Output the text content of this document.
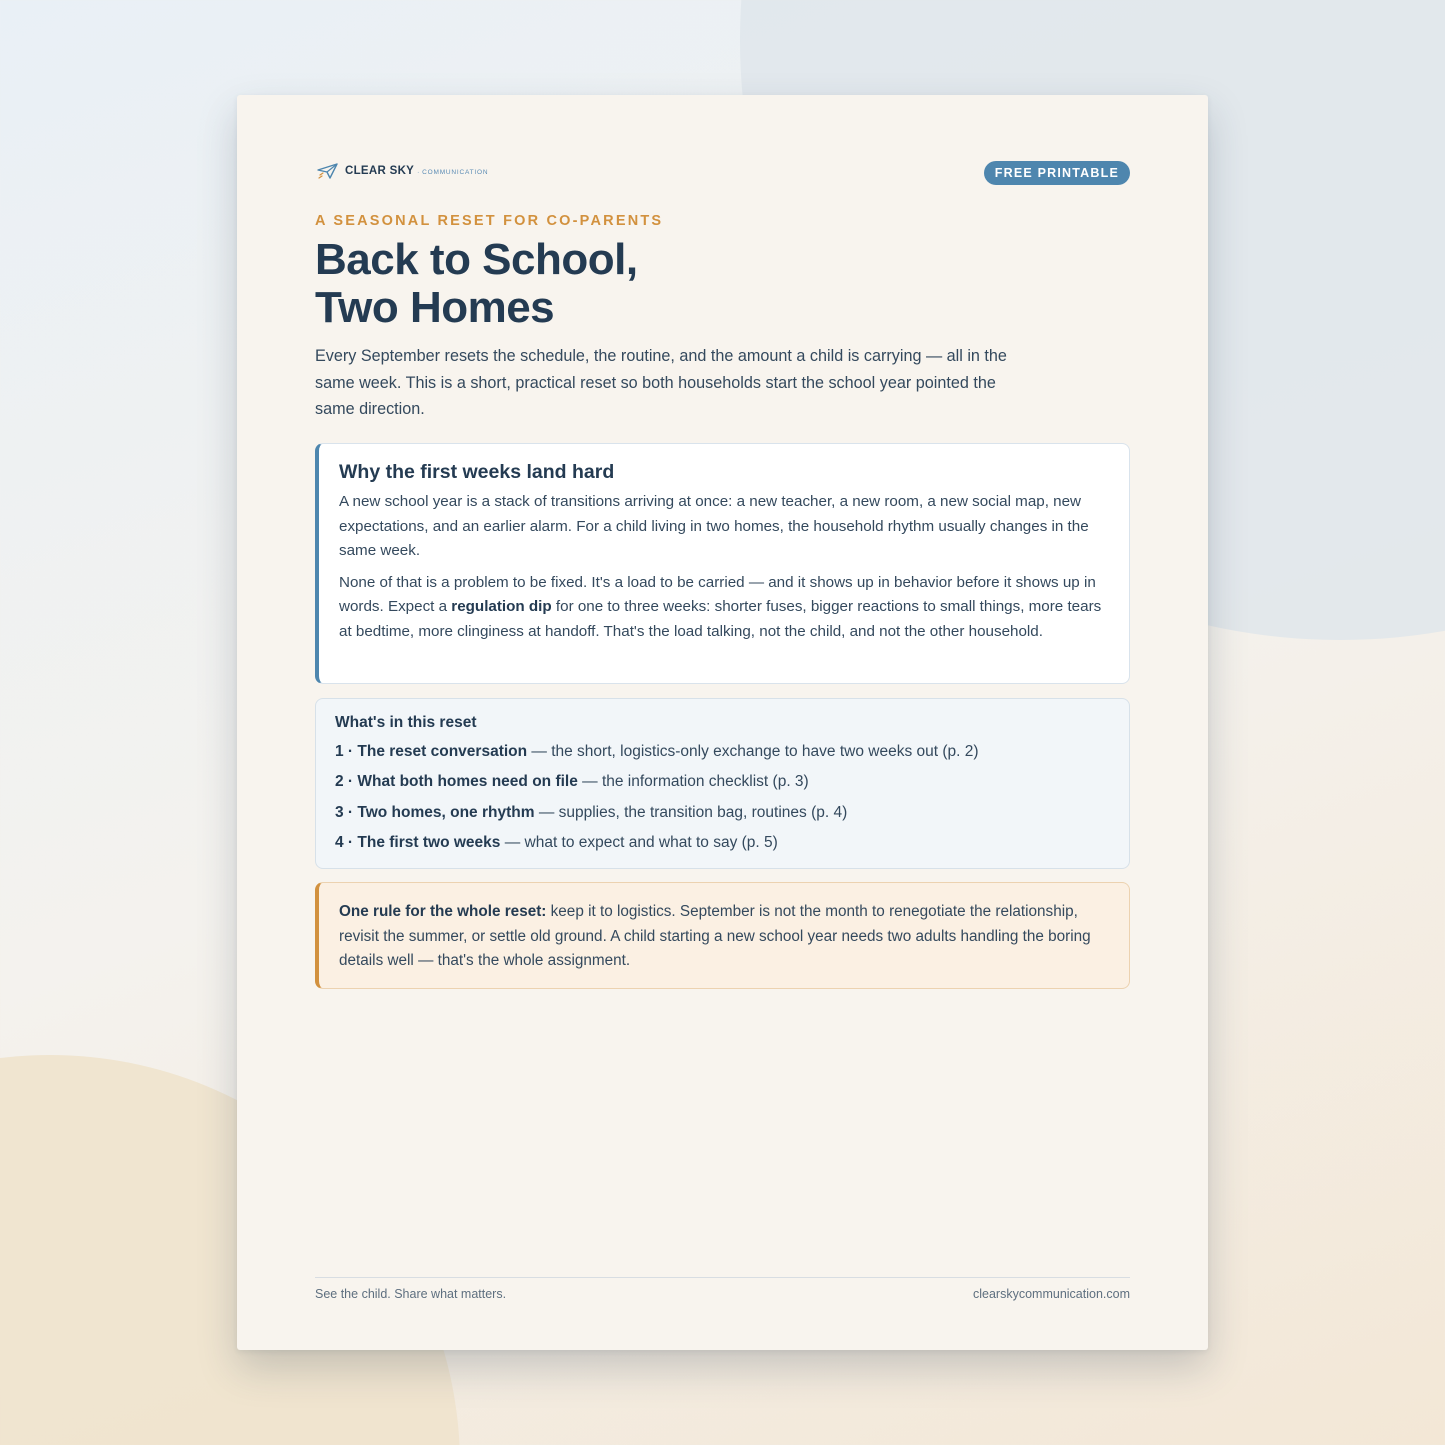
CLEAR SKY · COMMUNICATION	FREE PRINTABLE
A SEASONAL RESET FOR CO-PARENTS
Back to School,
Two Homes

Every September resets the schedule, the routine, and the amount a child is carrying — all in the same week. This is a short, practical reset so both households start the school year pointed the same direction.

Why the first weeks land hard

A new school year is a stack of transitions arriving at once: a new teacher, a new room, a new social map, new expectations, and an earlier alarm. For a child living in two homes, the household rhythm usually changes in the same week.

None of that is a problem to be fixed. It's a load to be carried — and it shows up in behavior before it shows up in words. Expect a regulation dip for one to three weeks: shorter fuses, bigger reactions to small things, more tears at bedtime, more clinginess at handoff. That's the load talking, not the child, and not the other household.

What's in this reset
1 · The reset conversation — the short, logistics-only exchange to have two weeks out (p. 2)
2 · What both homes need on file — the information checklist (p. 3)
3 · Two homes, one rhythm — supplies, the transition bag, routines (p. 4)
4 · The first two weeks — what to expect and what to say (p. 5)
One rule for the whole reset: keep it to logistics. September is not the month to renegotiate the relationship, revisit the summer, or settle old ground. A child starting a new school year needs two adults handling the boring details well — that's the whole assignment.
See the child. Share what matters.	clearskycommunication.com
